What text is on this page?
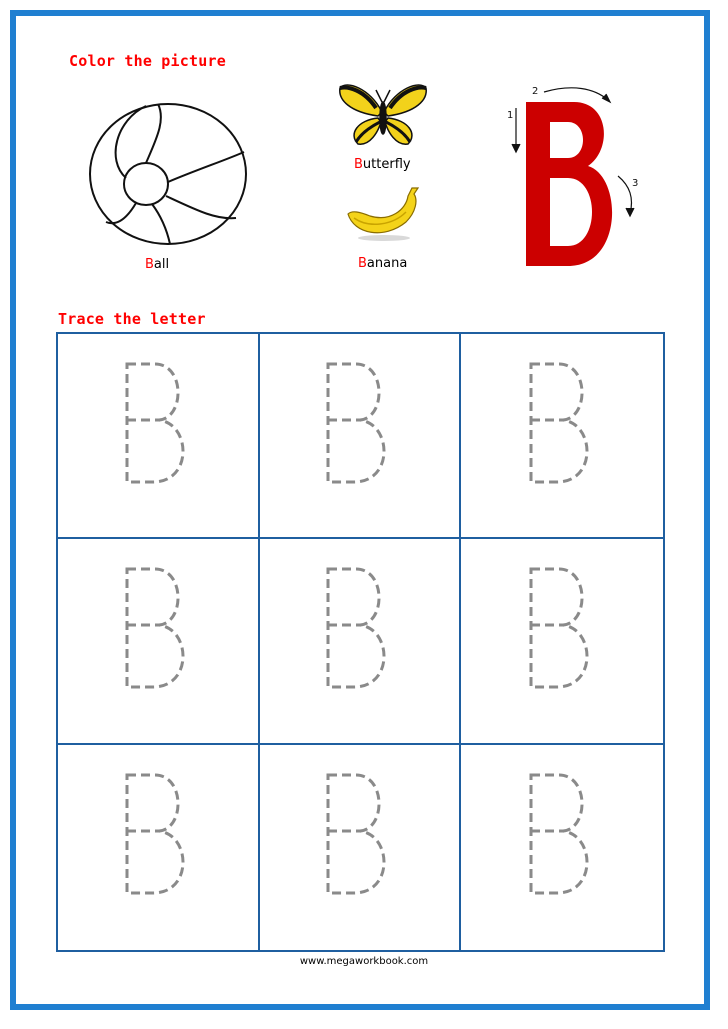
Color the picture
Ball
Butterfly
Banana
1
2
3
Trace the letter
www.megaworkbook.com
